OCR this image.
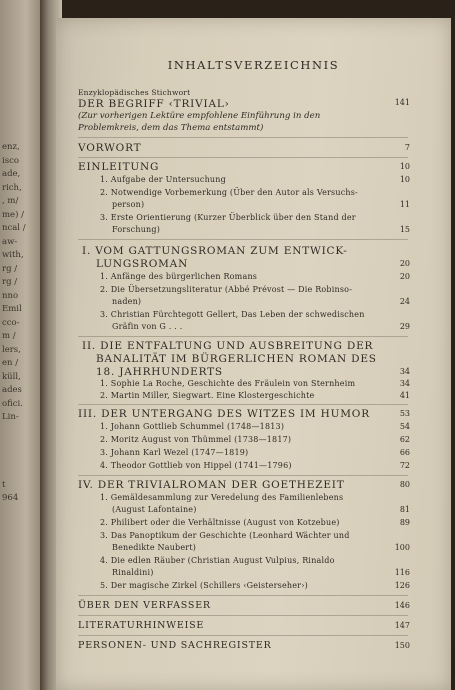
enz,
isco
ade,
rich,
, m/
me) /
ncal /
aw-
with,
rg /
rg /
nno
Emil
cco-
m /
lers,
en /
küll,
ades
ofici.
Lin-
t
964
INHALTSVERZEICHNIS
Enzyklopädisches Stichwort
DER BEGRIFF ‹TRIVIAL›	141
(Zur vorherigen Lektüre empfohlene Einführung in den
Problemkreis, dem das Thema entstammt)
VORWORT	7
EINLEITUNG	10
1. Aufgabe der Untersuchung	10
2. Notwendige Vorbemerkung (Über den Autor als Versuchs-
person)	11
3. Erste Orientierung (Kurzer Überblick über den Stand der
Forschung)	15
I. VOM GATTUNGSROMAN ZUM ENTWICK-
LUNGSROMAN	20
1. Anfänge des bürgerlichen Romans	20
2. Die Übersetzungsliteratur (Abbé Prévost — Die Robinso-
naden)	24
3. Christian Fürchtegott Gellert, Das Leben der schwedischen
Gräfin von G . . .	29
II. DIE ENTFALTUNG UND AUSBREITUNG DER
BANALITÄT IM BÜRGERLICHEN ROMAN DES
18. JAHRHUNDERTS	34
1. Sophie La Roche, Geschichte des Fräulein von Sternheim	34
2. Martin Miller, Siegwart. Eine Klostergeschichte	41
III. DER UNTERGANG DES WITZES IM HUMOR	53
1. Johann Gottlieb Schummel (1748—1813)	54
2. Moritz August von Thümmel (1738—1817)	62
3. Johann Karl Wezel (1747—1819)	66
4. Theodor Gottlieb von Hippel (1741—1796)	72
IV. DER TRIVIALROMAN DER GOETHEZEIT	80
1. Gemäldesammlung zur Veredelung des Familienlebens
(August Lafontaine)	81
2. Philibert oder die Verhältnisse (August von Kotzebue)	89
3. Das Panoptikum der Geschichte (Leonhard Wächter und
Benedikte Naubert)	100
4. Die edlen Räuber (Christian August Vulpius, Rinaldo
Rinaldini)	116
5. Der magische Zirkel (Schillers ‹Geisterseher›)	126
ÜBER DEN VERFASSER	146
LITERATURHINWEISE	147
PERSONEN- UND SACHREGISTER	150
